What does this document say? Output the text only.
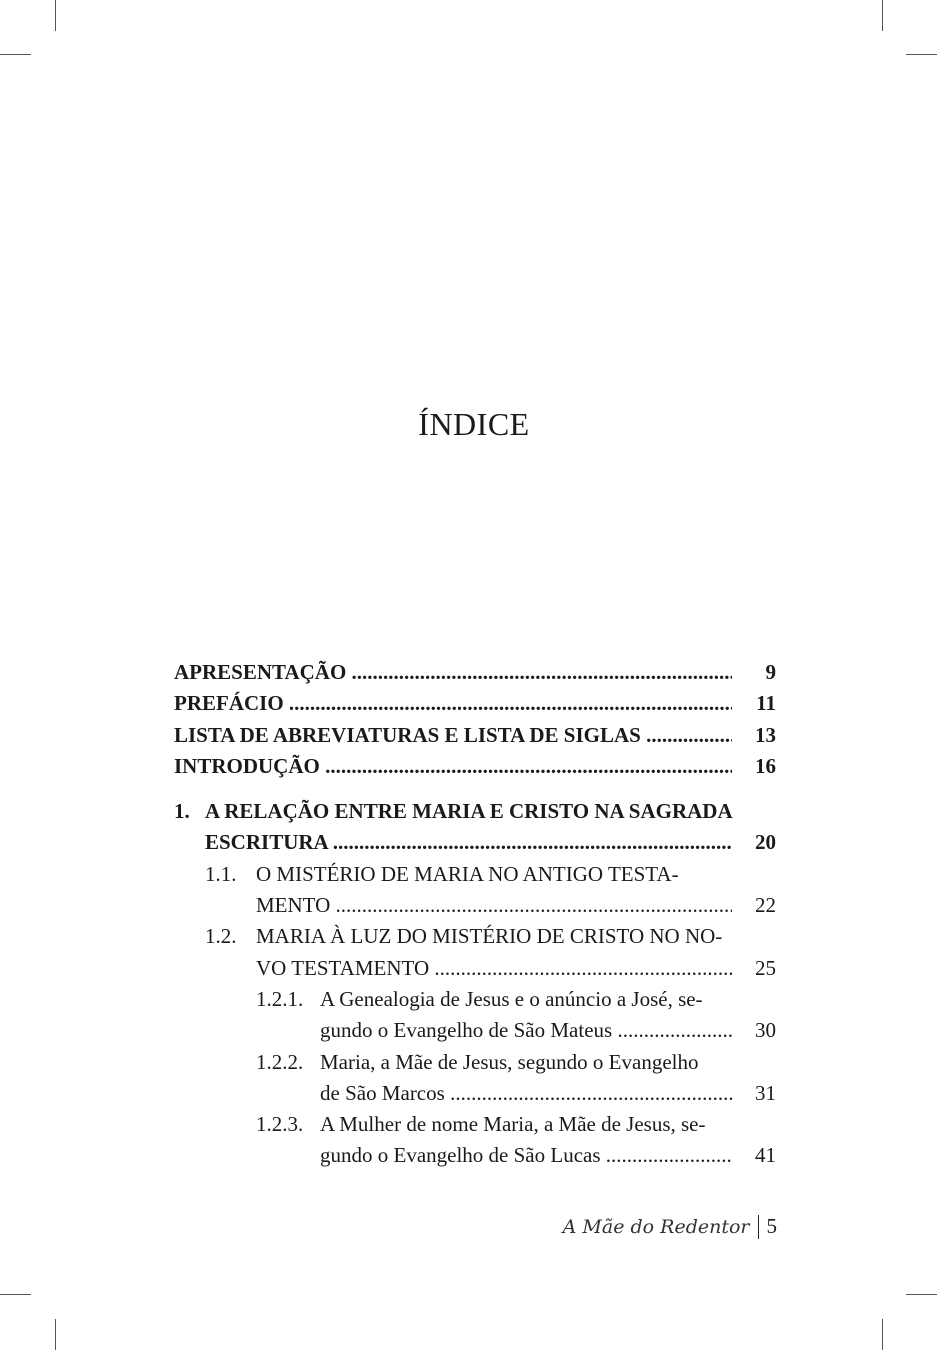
ÍNDICE
APRESENTAÇÃO .....	9
PREFÁCIO .....	11
LISTA DE ABREVIATURAS E LISTA DE SIGLAS .....	13
INTRODUÇÃO .....	16
1. A RELAÇÃO ENTRE MARIA E CRISTO NA SAGRADA
ESCRITURA .....	20
1.1. O MISTÉRIO DE MARIA NO ANTIGO TESTA-
MENTO .....	22
1.2. MARIA À LUZ DO MISTÉRIO DE CRISTO NO NO-
VO TESTAMENTO .....	25
1.2.1. A Genealogia de Jesus e o anúncio a José, se-
gundo o Evangelho de São Mateus .....	30
1.2.2. Maria, a Mãe de Jesus, segundo o Evangelho
de São Marcos .....	31
1.2.3. A Mulher de nome Maria, a Mãe de Jesus, se-
gundo o Evangelho de São Lucas .....	41
A Mãe do Redentor 5
